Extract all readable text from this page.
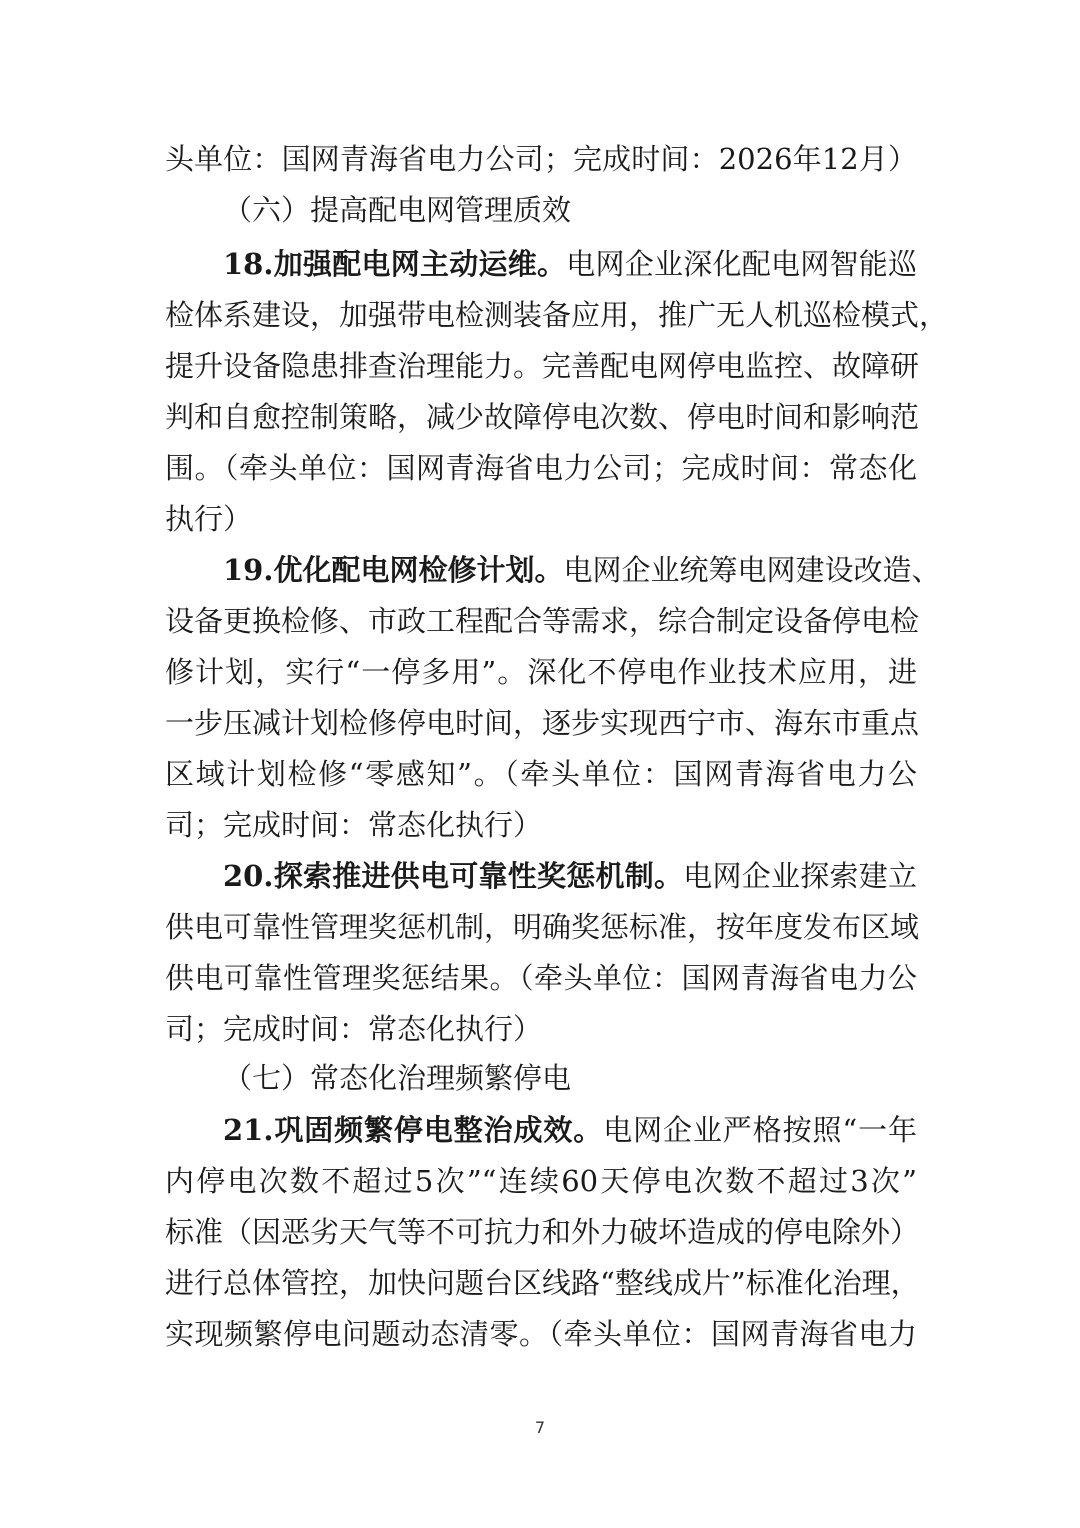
头单位：国网青海省电力公司；完成时间：2026年12月）
（六）提高配电网管理质效
18.加强配电网主动运维。电网企业深化配电网智能巡
检体系建设，加强带电检测装备应用，推广无人机巡检模式，
提升设备隐患排查治理能力。完善配电网停电监控、故障研
判和自愈控制策略，减少故障停电次数、停电时间和影响范
围。（牵头单位：国网青海省电力公司；完成时间：常态化
执行）
19.优化配电网检修计划。电网企业统筹电网建设改造、
设备更换检修、市政工程配合等需求，综合制定设备停电检
修计划，实行“一停多用”。深化不停电作业技术应用，进
一步压减计划检修停电时间，逐步实现西宁市、海东市重点
区域计划检修“零感知”。（牵头单位：国网青海省电力公
司；完成时间：常态化执行）
20.探索推进供电可靠性奖惩机制。电网企业探索建立
供电可靠性管理奖惩机制，明确奖惩标准，按年度发布区域
供电可靠性管理奖惩结果。（牵头单位：国网青海省电力公
司；完成时间：常态化执行）
（七）常态化治理频繁停电
21.巩固频繁停电整治成效。电网企业严格按照“一年
内停电次数不超过5次”“连续60天停电次数不超过3次”
标准（因恶劣天气等不可抗力和外力破坏造成的停电除外）
进行总体管控，加快问题台区线路“整线成片”标准化治理，
实现频繁停电问题动态清零。（牵头单位：国网青海省电力
7
